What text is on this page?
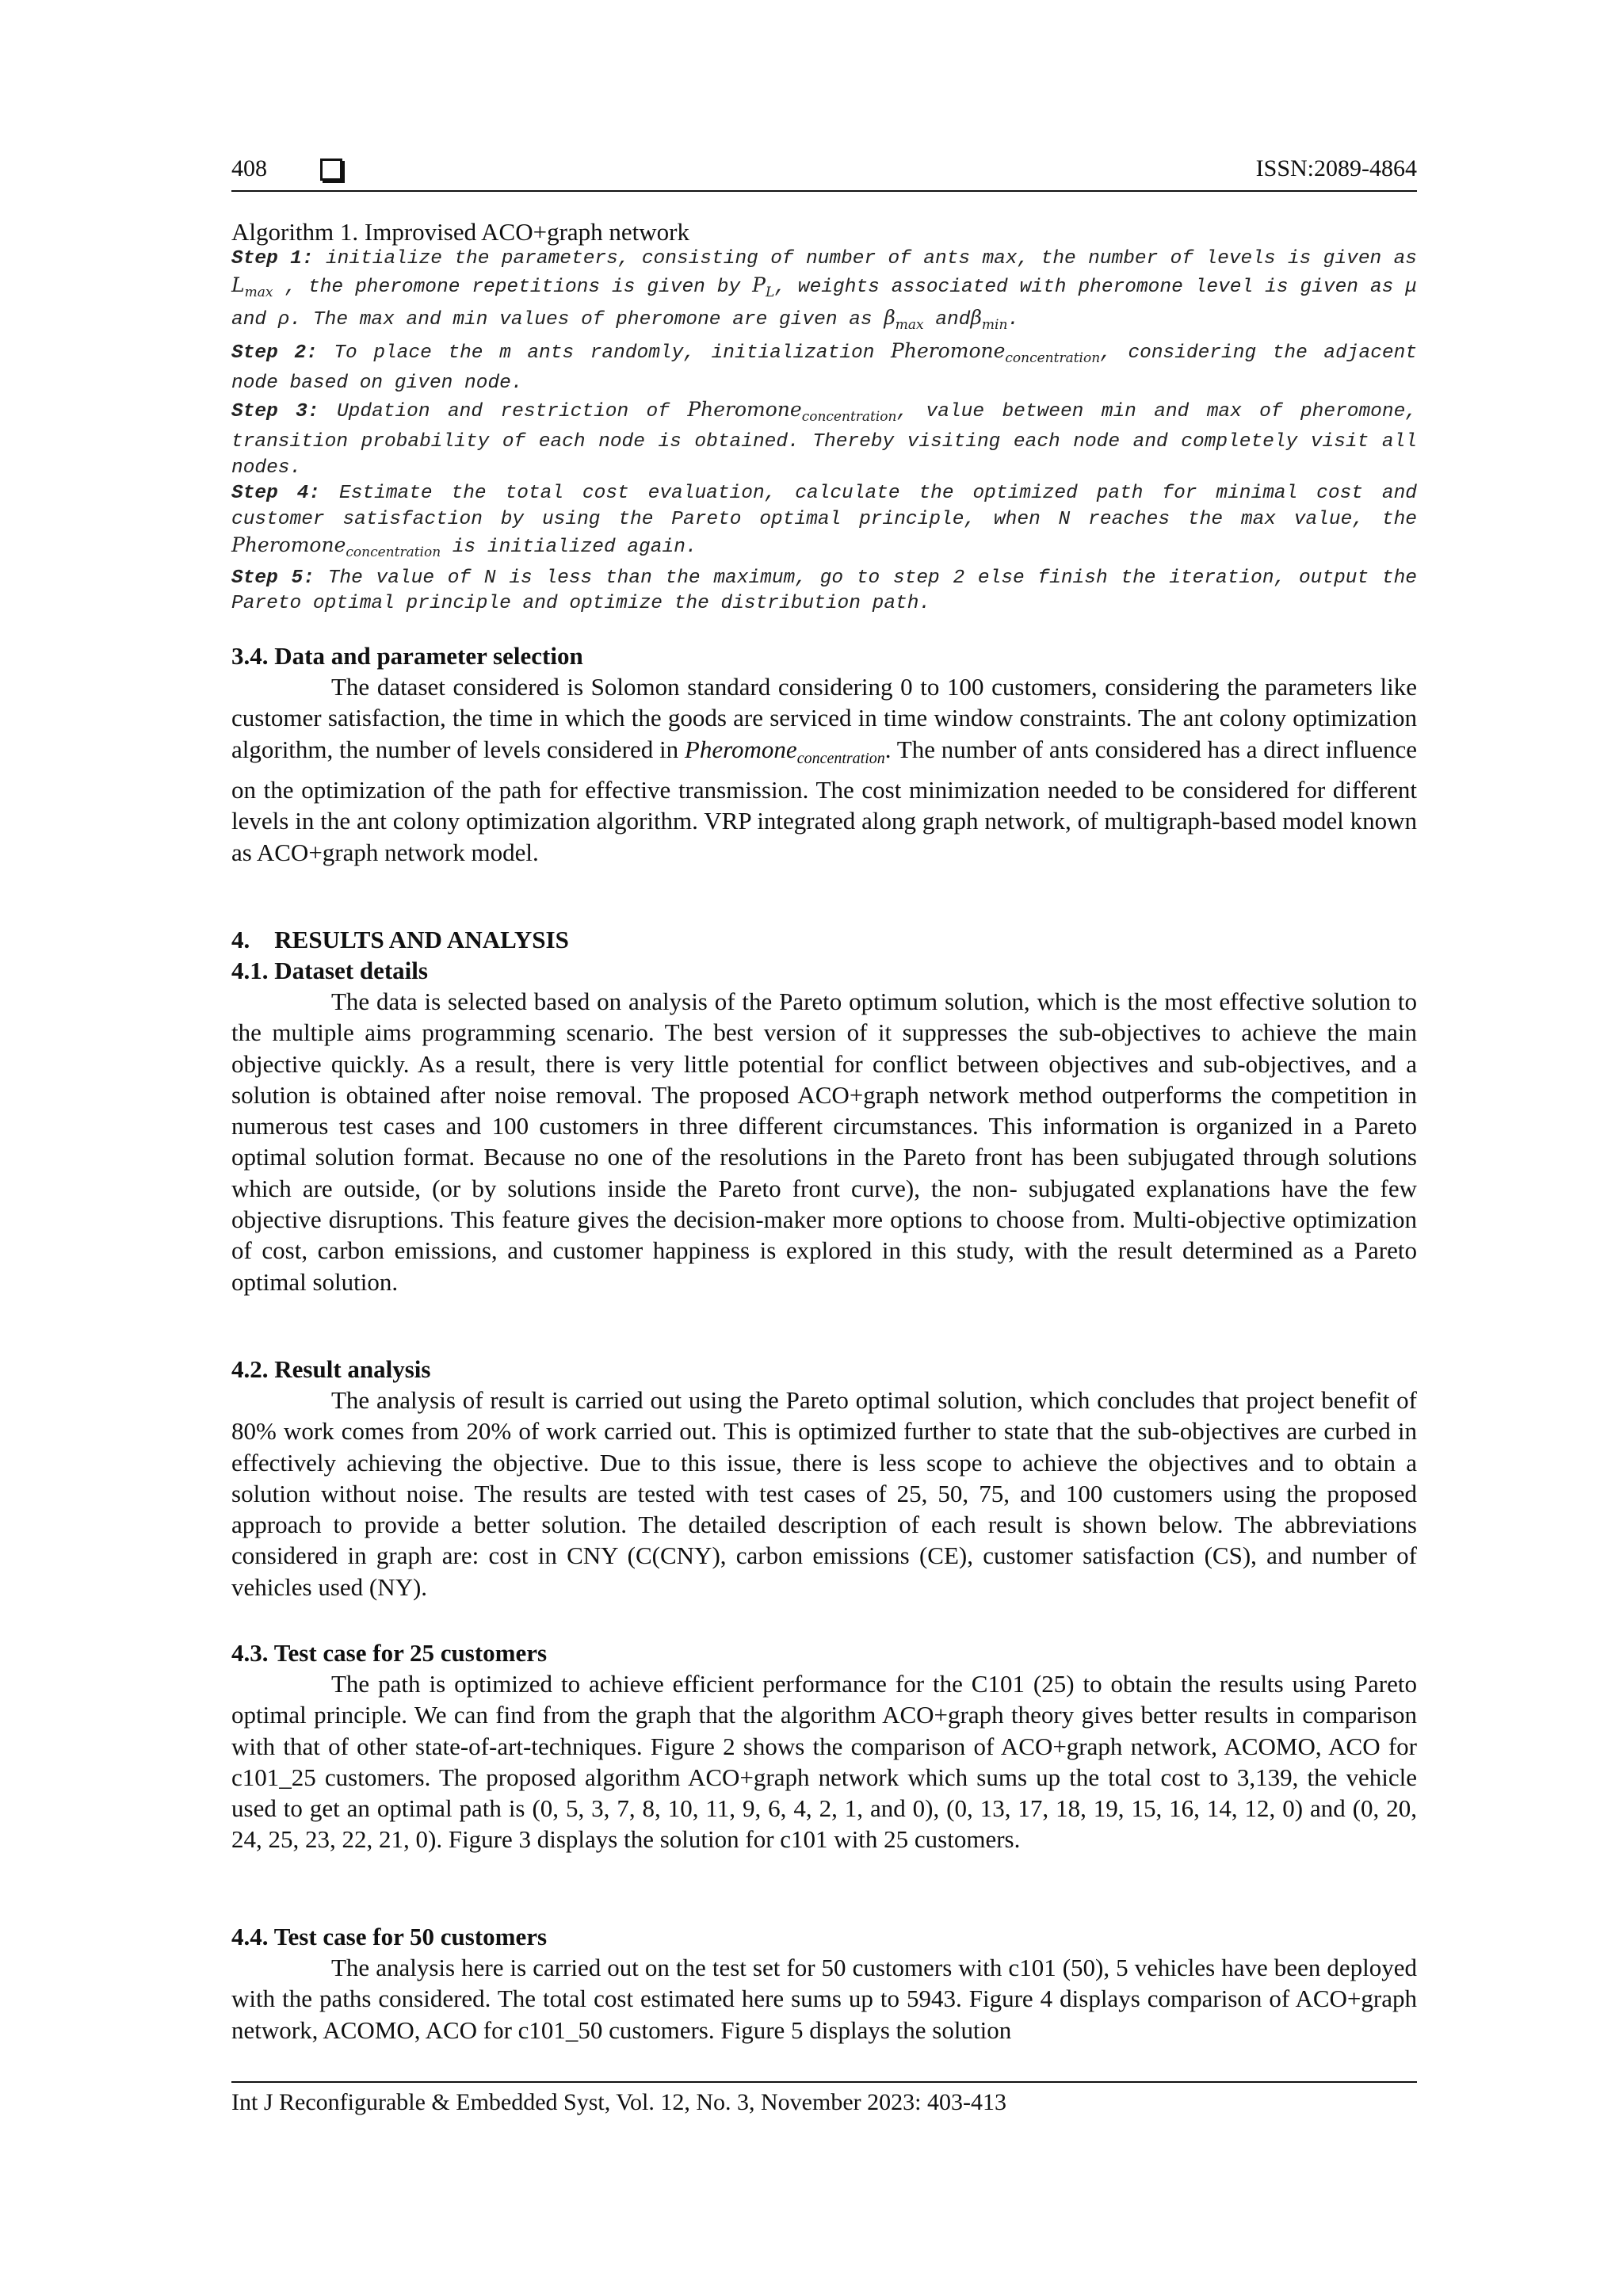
408	ISSN:2089-4864
Algorithm 1. Improvised ACO+graph network
Step 1: initialize the parameters, consisting of number of ants max, the number of levels is given as $L_{max}$ , the pheromone repetitions is given by $P_L$, weights associated with pheromone level is given as μ and ρ. The max and min values of pheromone are given as $\beta_{max}$ andβ$_{min}$.
Step 2: To place the m ants randomly, initialization Pheromone$_{concentration}$, considering the adjacent node based on given node.
Step 3: Updation and restriction of Pheromone$_{concentration}$, value between min and max of pheromone, transition probability of each node is obtained. Thereby visiting each node and completely visit all nodes.
Step 4: Estimate the total cost evaluation, calculate the optimized path for minimal cost and customer satisfaction by using the Pareto optimal principle, when N reaches the max value, the Pheromone$_{concentration}$ is initialized again.
Step 5: The value of N is less than the maximum, go to step 2 else finish the iteration, output the Pareto optimal principle and optimize the distribution path.
3.4. Data and parameter selection

The dataset considered is Solomon standard considering 0 to 100 customers, considering the parameters like customer satisfaction, the time in which the goods are serviced in time window constraints. The ant colony optimization algorithm, the number of levels considered in Pheromone$_{concentration}$. The number of ants considered has a direct influence on the optimization of the path for effective transmission. The cost minimization needed to be considered for different levels in the ant colony optimization algorithm. VRP integrated along graph network, of multigraph-based model known as ACO+graph network model.

4.    RESULTS AND ANALYSIS
4.1. Dataset details

The data is selected based on analysis of the Pareto optimum solution, which is the most effective solution to the multiple aims programming scenario. The best version of it suppresses the sub-objectives to achieve the main objective quickly. As a result, there is very little potential for conflict between objectives and sub-objectives, and a solution is obtained after noise removal. The proposed ACO+graph network method outperforms the competition in numerous test cases and 100 customers in three different circumstances. This information is organized in a Pareto optimal solution format. Because no one of the resolutions in the Pareto front has been subjugated through solutions which are outside, (or by solutions inside the Pareto front curve), the non- subjugated explanations have the few objective disruptions. This feature gives the decision-maker more options to choose from. Multi-objective optimization of cost, carbon emissions, and customer happiness is explored in this study, with the result determined as a Pareto optimal solution.

4.2. Result analysis

The analysis of result is carried out using the Pareto optimal solution, which concludes that project benefit of 80% work comes from 20% of work carried out. This is optimized further to state that the sub-objectives are curbed in effectively achieving the objective. Due to this issue, there is less scope to achieve the objectives and to obtain a solution without noise. The results are tested with test cases of 25, 50, 75, and 100 customers using the proposed approach to provide a better solution. The detailed description of each result is shown below. The abbreviations considered in graph are: cost in CNY (C(CNY), carbon emissions (CE), customer satisfaction (CS), and number of vehicles used (NY).

4.3. Test case for 25 customers

The path is optimized to achieve efficient performance for the C101 (25) to obtain the results using Pareto optimal principle. We can find from the graph that the algorithm ACO+graph theory gives better results in comparison with that of other state-of-art-techniques. Figure 2 shows the comparison of ACO+graph network, ACOMO, ACO for c101_25 customers. The proposed algorithm ACO+graph network which sums up the total cost to 3,139, the vehicle used to get an optimal path is (0, 5, 3, 7, 8, 10, 11, 9, 6, 4, 2, 1, and 0), (0, 13, 17, 18, 19, 15, 16, 14, 12, 0) and (0, 20, 24, 25, 23, 22, 21, 0). Figure 3 displays the solution for c101 with 25 customers.

4.4. Test case for 50 customers

The analysis here is carried out on the test set for 50 customers with c101 (50), 5 vehicles have been deployed with the paths considered. The total cost estimated here sums up to 5943. Figure 4 displays comparison of ACO+graph network, ACOMO, ACO for c101_50 customers. Figure 5 displays the solution

Int J Reconfigurable & Embedded Syst, Vol. 12, No. 3, November 2023: 403-413
